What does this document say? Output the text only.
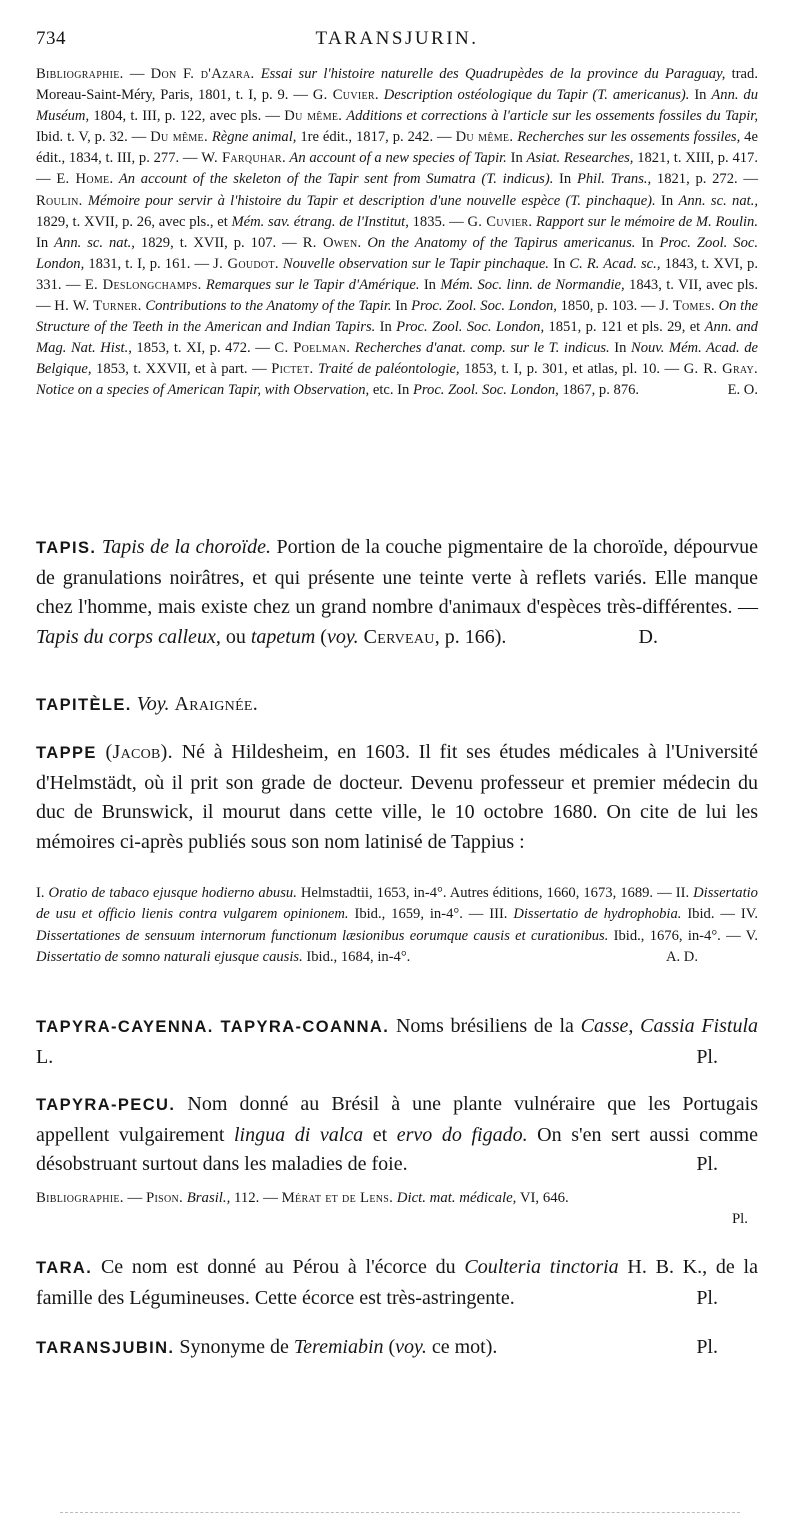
734	TARANSJURIN.
Bibliographie. — Don F. d'Azara. Essai sur l'histoire naturelle des Quadrupèdes de la province du Paraguay, trad. Moreau-Saint-Méry, Paris, 1801, t. I, p. 9. — G. Cuvier. Description ostéologique du Tapir (T. americanus). In Ann. du Muséum, 1804, t. III, p. 122, avec pls. — Du même. Additions et corrections à l'article sur les ossements fossiles du Tapir, Ibid. t. V, p. 32. — Du même. Règne animal, 1re édit., 1817, p. 242. — Du même. Recherches sur les ossements fossiles, 4e édit., 1834, t. III, p. 277. — W. Farquhar. An account of a new species of Tapir. In Asiat. Researches, 1821, t. XIII, p. 417. — E. Home. An account of the skeleton of the Tapir sent from Sumatra (T. indicus). In Phil. Trans., 1821, p. 272. — Roulin. Mémoire pour servir à l'histoire du Tapir et description d'une nouvelle espèce (T. pinchaque). In Ann. sc. nat., 1829, t. XVII, p. 26, avec pls., et Mém. sav. étrang. de l'Institut, 1835. — G. Cuvier. Rapport sur le mémoire de M. Roulin. In Ann. sc. nat., 1829, t. XVII, p. 107. — R. Owen. On the Anatomy of the Tapirus americanus. In Proc. Zool. Soc. London, 1831, t. I, p. 161. — J. Goudot. Nouvelle observation sur le Tapir pinchaque. In C. R. Acad. sc., 1843, t. XVI, p. 331. — E. Deslongchamps. Remarques sur le Tapir d'Amérique. In Mém. Soc. linn. de Normandie, 1843, t. VII, avec pls. — H. W. Turner. Contributions to the Anatomy of the Tapir. In Proc. Zool. Soc. London, 1850, p. 103. — J. Tomes. On the Structure of the Teeth in the American and Indian Tapirs. In Proc. Zool. Soc. London, 1851, p. 121 et pls. 29, et Ann. and Mag. Nat. Hist., 1853, t. XI, p. 472. — C. Poelman. Recherches d'anat. comp. sur le T. indicus. In Nouv. Mém. Acad. de Belgique, 1853, t. XXVII, et à part. — Pictet. Traité de paléontologie, 1853, t. I, p. 301, et atlas, pl. 10. — G. R. Gray. Notice on a species of American Tapir, with Observation, etc. In Proc. Zool. Soc. London, 1867, p. 876.	E. O.
TAPIS. Tapis de la choroïde. Portion de la couche pigmentaire de la choroïde, dépourvue de granulations noirâtres, et qui présente une teinte verte à reflets variés. Elle manque chez l'homme, mais existe chez un grand nombre d'animaux d'espèces très-différentes. — Tapis du corps calleux, ou tapetum (voy. Cerveau, p. 166).	D.
TAPITÈLE. Voy. Araignée.
TAPPE (Jacob). Né à Hildesheim, en 1603. Il fit ses études médicales à l'Université d'Helmstädt, où il prit son grade de docteur. Devenu professeur et premier médecin du duc de Brunswick, il mourut dans cette ville, le 10 octobre 1680. On cite de lui les mémoires ci-après publiés sous son nom latinisé de Tappius :
I. Oratio de tabaco ejusque hodierno abusu. Helmstadtii, 1653, in-4°. Autres éditions, 1660, 1673, 1689. — II. Dissertatio de usu et officio lienis contra vulgarem opinionem. Ibid., 1659, in-4°. — III. Dissertatio de hydrophobia. Ibid. — IV. Dissertationes de sensuum internorum functionum læsionibus eorumque causis et curationibus. Ibid., 1676, in-4°. — V. Dissertatio de somno naturali ejusque causis. Ibid., 1684, in-4°.	A. D.
TAPYRA-CAYENNA. TAPYRA-COANNA. Noms brésiliens de la Casse, Cassia Fistula L.	Pl.
TAPYRA-PECU. Nom donné au Brésil à une plante vulnéraire que les Portugais appellent vulgairement lingua di valca et ervo do figado. On s'en sert aussi comme désobstruant surtout dans les maladies de foie.	Pl.
Bibliographie. — Pison. Brasil., 112. — Mérat et de Lens. Dict. mat. médicale, VI, 646.

Pl.
TARA. Ce nom est donné au Pérou à l'écorce du Coulteria tinctoria H. B. K., de la famille des Légumineuses. Cette écorce est très-astringente.	Pl.
TARANSJUBIN. Synonyme de Teremiabin (voy. ce mot).	Pl.
